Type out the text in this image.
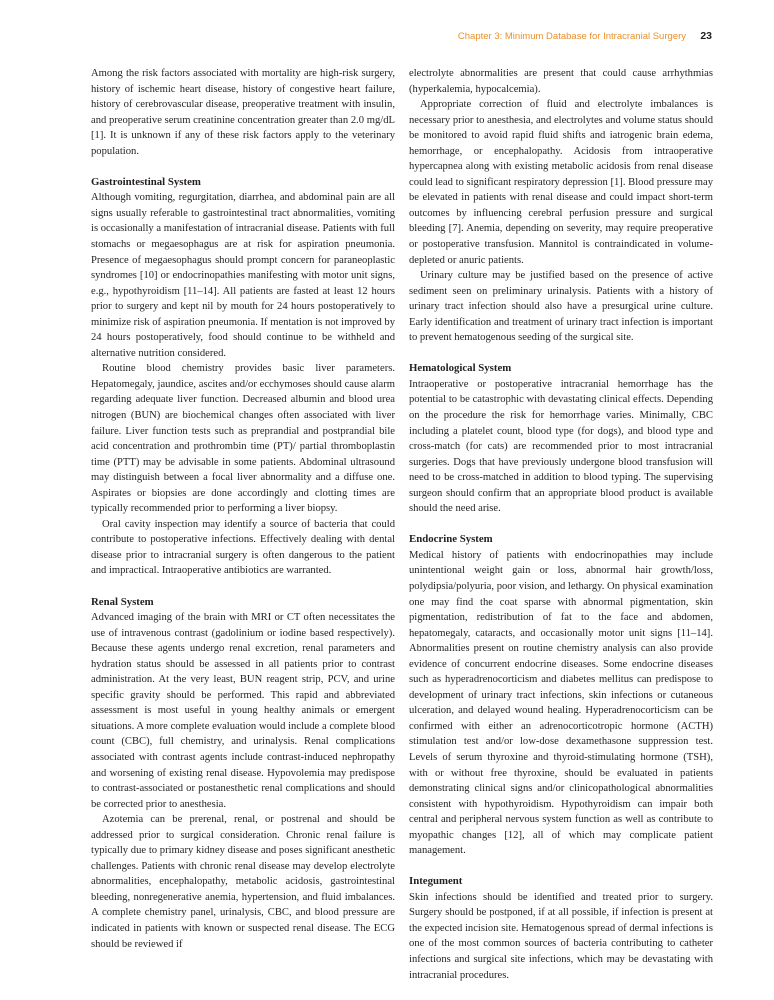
Chapter 3: Minimum Database for Intracranial Surgery 23

Among the risk factors associated with mortality are high-risk surgery, history of ischemic heart disease, history of congestive heart failure, history of cerebrovascular disease, preoperative treatment with insulin, and preoperative serum creatinine concentration greater than 2.0 mg/dL [1]. It is unknown if any of these risk factors apply to the veterinary population.

Gastrointestinal System

Although vomiting, regurgitation, diarrhea, and abdominal pain are all signs usually referable to gastrointestinal tract abnormalities, vomiting is occasionally a manifestation of intracranial disease. Patients with full stomachs or megaesophagus are at risk for aspiration pneumonia. Presence of megaesophagus should prompt concern for paraneoplastic syndromes [10] or endocrinopathies manifesting with motor unit signs, e.g., hypothyroidism [11–14]. All patients are fasted at least 12 hours prior to surgery and kept nil by mouth for 24 hours postoperatively to minimize risk of aspiration pneumonia. If mentation is not improved by 24 hours postoperatively, food should continue to be withheld and alternative nutrition considered.

Routine blood chemistry provides basic liver parameters. Hepatomegaly, jaundice, ascites and/or ecchymoses should cause alarm regarding adequate liver function. Decreased albumin and blood urea nitrogen (BUN) are biochemical changes often associated with liver failure. Liver function tests such as preprandial and postprandial bile acid concentration and prothrombin time (PT)/ partial thromboplastin time (PTT) may be advisable in some patients. Abdominal ultrasound may distinguish between a focal liver abnormality and a diffuse one. Aspirates or biopsies are done accordingly and clotting times are typically recommended prior to performing a liver biopsy.

Oral cavity inspection may identify a source of bacteria that could contribute to postoperative infections. Effectively dealing with dental disease prior to intracranial surgery is often dangerous to the patient and impractical. Intraoperative antibiotics are warranted.

Renal System

Advanced imaging of the brain with MRI or CT often necessitates the use of intravenous contrast (gadolinium or iodine based respectively). Because these agents undergo renal excretion, renal parameters and hydration status should be assessed in all patients prior to contrast administration. At the very least, BUN reagent strip, PCV, and urine specific gravity should be performed. This rapid and abbreviated assessment is most useful in young healthy animals or emergent situations. A more complete evaluation would include a complete blood count (CBC), full chemistry, and urinalysis. Renal complications associated with contrast agents include contrast-induced nephropathy and worsening of existing renal disease. Hypovolemia may predispose to contrast-associated or postanesthetic renal complications and should be corrected prior to anesthesia.

Azotemia can be prerenal, renal, or postrenal and should be addressed prior to surgical consideration. Chronic renal failure is typically due to primary kidney disease and poses significant anesthetic challenges. Patients with chronic renal disease may develop electrolyte abnormalities, encephalopathy, metabolic acidosis, gastrointestinal bleeding, nonregenerative anemia, hypertension, and fluid imbalances. A complete chemistry panel, urinalysis, CBC, and blood pressure are indicated in patients with known or suspected renal disease. The ECG should be reviewed if

electrolyte abnormalities are present that could cause arrhythmias (hyperkalemia, hypocalcemia).

Appropriate correction of fluid and electrolyte imbalances is necessary prior to anesthesia, and electrolytes and volume status should be monitored to avoid rapid fluid shifts and iatrogenic brain edema, hemorrhage, or encephalopathy. Acidosis from intraoperative hypercapnea along with existing metabolic acidosis from renal disease could lead to significant respiratory depression [1]. Blood pressure may be elevated in patients with renal disease and could impact short-term outcomes by influencing cerebral perfusion pressure and surgical bleeding [7]. Anemia, depending on severity, may require preoperative or postoperative transfusion. Mannitol is contraindicated in volume-depleted or anuric patients.

Urinary culture may be justified based on the presence of active sediment seen on preliminary urinalysis. Patients with a history of urinary tract infection should also have a presurgical urine culture. Early identification and treatment of urinary tract infection is important to prevent hematogenous seeding of the surgical site.

Hematological System

Intraoperative or postoperative intracranial hemorrhage has the potential to be catastrophic with devastating clinical effects. Depending on the procedure the risk for hemorrhage varies. Minimally, CBC including a platelet count, blood type (for dogs), and blood type and cross-match (for cats) are recommended prior to most intracranial surgeries. Dogs that have previously undergone blood transfusion will need to be cross-matched in addition to blood typing. The supervising surgeon should confirm that an appropriate blood product is available should the need arise.

Endocrine System

Medical history of patients with endocrinopathies may include unintentional weight gain or loss, abnormal hair growth/loss, polydipsia/polyuria, poor vision, and lethargy. On physical examination one may find the coat sparse with abnormal pigmentation, skin pigmentation, redistribution of fat to the face and abdomen, hepatomegaly, cataracts, and occasionally motor unit signs [11–14]. Abnormalities present on routine chemistry analysis can also provide evidence of concurrent endocrine diseases. Some endocrine diseases such as hyperadrenocorticism and diabetes mellitus can predispose to development of urinary tract infections, skin infections or cutaneous ulceration, and delayed wound healing. Hyperadrenocorticism can be confirmed with either an adrenocorticotropic hormone (ACTH) stimulation test and/or low-dose dexamethasone suppression test. Levels of serum thyroxine and thyroid-stimulating hormone (TSH), with or without free thyroxine, should be evaluated in patients demonstrating clinical signs and/or clinicopathological abnormalities consistent with hypothyroidism. Hypothyroidism can impair both central and peripheral nervous system function as well as contribute to myopathic changes [12], all of which may complicate patient management.

Integument

Skin infections should be identified and treated prior to surgery. Surgery should be postponed, if at all possible, if infection is present at the expected incision site. Hematogenous spread of dermal infections is one of the most common sources of bacteria contributing to catheter infections and surgical site infections, which may be devastating with intracranial procedures.
